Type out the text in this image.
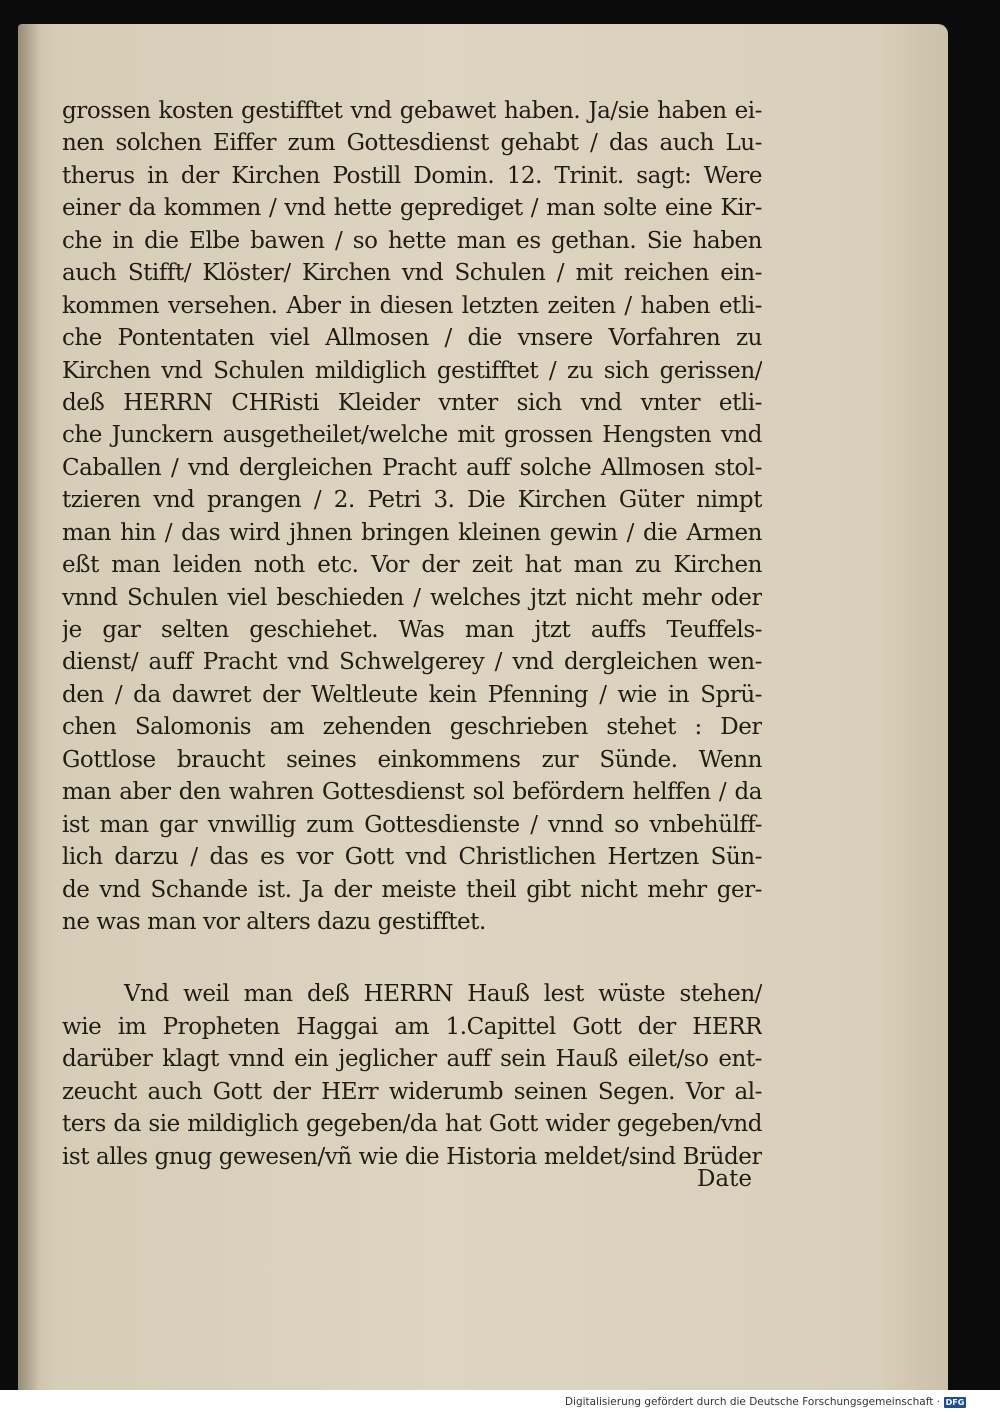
grossen kosten gestifftet vnd gebawet haben. Ja/sie haben ei-
nen solchen Eiffer zum Gottesdienst gehabt / das auch Lu-
therus in der Kirchen Postill Domin. 12. Trinit. sagt: Were
einer da kommen / vnd hette geprediget / man solte eine Kir-
che in die Elbe bawen / so hette man es gethan. Sie haben
auch Stifft/ Klöster/ Kirchen vnd Schulen / mit reichen ein-
kommen versehen. Aber in diesen letzten zeiten / haben etli-
che Pontentaten viel Allmosen / die vnsere Vorfahren zu
Kirchen vnd Schulen mildiglich gestifftet / zu sich gerissen/
deß HERRN CHRisti Kleider vnter sich vnd vnter etli-
che Junckern ausgetheilet/welche mit grossen Hengsten vnd
Caballen / vnd dergleichen Pracht auff solche Allmosen stol-
tzieren vnd prangen / 2. Petri 3. Die Kirchen Güter nimpt
man hin / das wird jhnen bringen kleinen gewin / die Armen
eßt man leiden noth etc. Vor der zeit hat man zu Kirchen
vnnd Schulen viel beschieden / welches jtzt nicht mehr oder
je gar selten geschiehet. Was man jtzt auffs Teuffels-
dienst/ auff Pracht vnd Schwelgerey / vnd dergleichen wen-
den / da dawret der Weltleute kein Pfenning / wie in Sprü-
chen Salomonis am zehenden geschrieben stehet : Der
Gottlose braucht seines einkommens zur Sünde. Wenn
man aber den wahren Gottesdienst sol befördern helffen / da
ist man gar vnwillig zum Gottesdienste / vnnd so vnbehülff-
lich darzu / das es vor Gott vnd Christlichen Hertzen Sün-
de vnd Schande ist. Ja der meiste theil gibt nicht mehr ger-
ne was man vor alters dazu gestifftet.
Vnd weil man deß HERRN Hauß lest wüste stehen/
wie im Propheten Haggai am 1.Capittel Gott der HERR
darüber klagt vnnd ein jeglicher auff sein Hauß eilet/so ent-
zeucht auch Gott der HErr widerumb seinen Segen. Vor al-
ters da sie mildiglich gegeben/da hat Gott wider gegeben/vnd
ist alles gnug gewesen/vñ wie die Historia meldet/sind Brüder
Date
Digitalisierung gefördert durch die Deutsche Forschungsgemeinschaft · DFG
